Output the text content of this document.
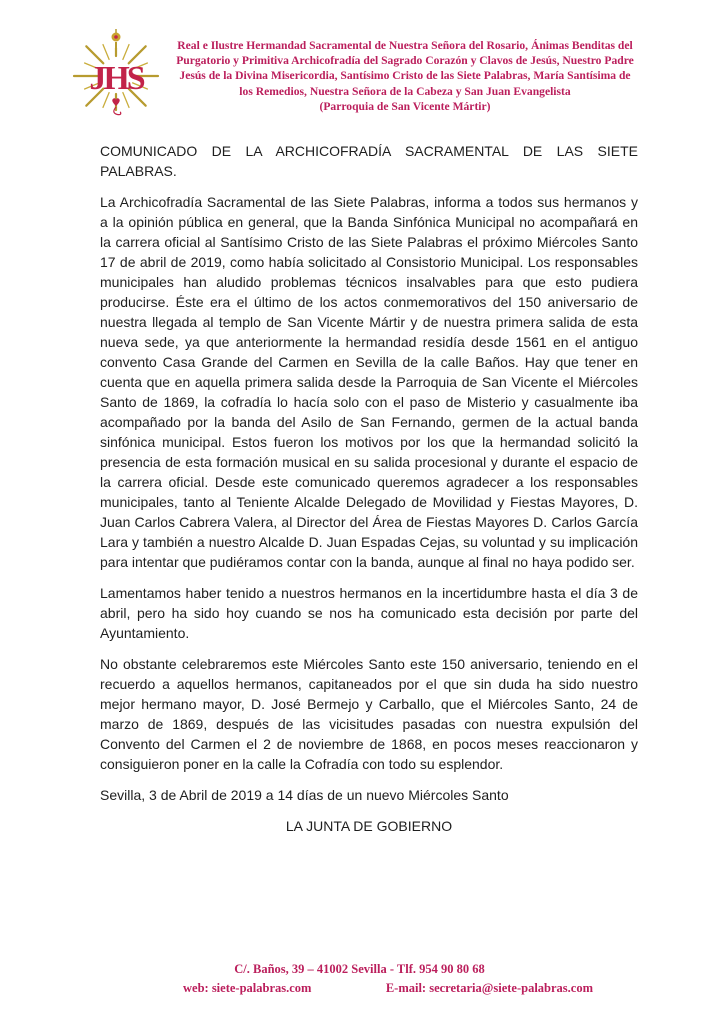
JHS
Real e Ilustre Hermandad Sacramental de Nuestra Señora del Rosario, Ánimas Benditas del
Purgatorio y Primitiva Archicofradía del Sagrado Corazón y Clavos de Jesús, Nuestro Padre
Jesús de la Divina Misericordia, Santísimo Cristo de las Siete Palabras, María Santísima de
los Remedios, Nuestra Señora de la Cabeza y San Juan Evangelista
(Parroquia de San Vicente Mártir)

COMUNICADO DE LA ARCHICOFRADÍA SACRAMENTAL DE LAS SIETE PALABRAS.

La Archicofradía Sacramental de las Siete Palabras, informa a todos sus hermanos y a la opinión pública en general, que la Banda Sinfónica Municipal no acompañará en la carrera oficial al Santísimo Cristo de las Siete Palabras el próximo Miércoles Santo 17 de abril de 2019, como había solicitado al Consistorio Municipal. Los responsables municipales han aludido problemas técnicos insalvables para que esto pudiera producirse. Éste era el último de los actos conmemorativos del 150 aniversario de nuestra llegada al templo de San Vicente Mártir y de nuestra primera salida de esta nueva sede, ya que anteriormente la hermandad residía desde 1561 en el antiguo convento Casa Grande del Carmen en Sevilla de la calle Baños. Hay que tener en cuenta que en aquella primera salida desde la Parroquia de San Vicente el Miércoles Santo de 1869, la cofradía lo hacía solo con el paso de Misterio y casualmente iba acompañado por la banda del Asilo de San Fernando, germen de la actual banda sinfónica municipal. Estos fueron los motivos por los que la hermandad solicitó la presencia de esta formación musical en su salida procesional y durante el espacio de la carrera oficial. Desde este comunicado queremos agradecer a los responsables municipales, tanto al Teniente Alcalde Delegado de Movilidad y Fiestas Mayores, D. Juan Carlos Cabrera Valera, al Director del Área de Fiestas Mayores D. Carlos García Lara y también a nuestro Alcalde D. Juan Espadas Cejas, su voluntad y su implicación para intentar que pudiéramos contar con la banda, aunque al final no haya podido ser.

Lamentamos haber tenido a nuestros hermanos en la incertidumbre hasta el día 3 de abril, pero ha sido hoy cuando se nos ha comunicado esta decisión por parte del Ayuntamiento.

No obstante celebraremos este Miércoles Santo este 150 aniversario, teniendo en el recuerdo a aquellos hermanos, capitaneados por el que sin duda ha sido nuestro mejor hermano mayor, D. José Bermejo y Carballo, que el Miércoles Santo, 24 de marzo de 1869, después de las vicisitudes pasadas con nuestra expulsión del Convento del Carmen el 2 de noviembre de 1868, en pocos meses reaccionaron y consiguieron poner en la calle la Cofradía con todo su esplendor.

Sevilla, 3 de Abril de 2019 a 14 días de un nuevo Miércoles Santo

LA JUNTA DE GOBIERNO

C/. Baños, 39 – 41002 Sevilla - Tlf. 954 90 80 68
web: siete-palabras.com	E-mail: secretaria@siete-palabras.com
